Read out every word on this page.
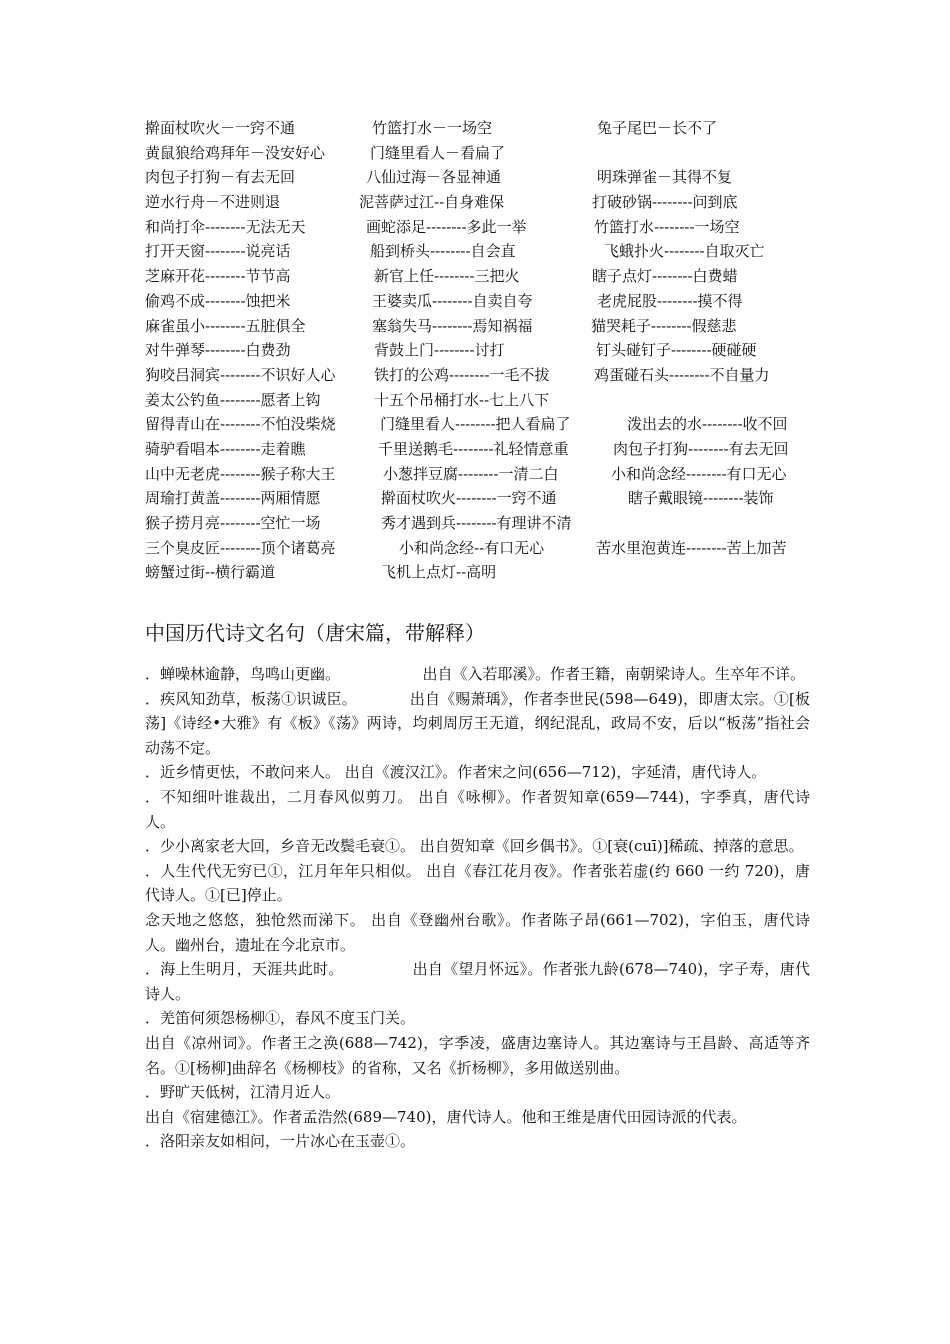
擀面杖吹火－一窍不通	竹篮打水－一场空	兔子尾巴－长不了
黄鼠狼给鸡拜年－没安好心	门缝里看人－看扁了
肉包子打狗－有去无回	八仙过海－各显神通	明珠弹雀－其得不复
逆水行舟－不进则退	泥菩萨过江--自身难保	打破砂锅--------问到底
和尚打伞--------无法无天	画蛇添足--------多此一举	竹篮打水--------一场空
打开天窗--------说亮话	船到桥头--------自会直	飞蛾扑火--------自取灭亡
芝麻开花--------节节高	新官上任--------三把火	瞎子点灯--------白费蜡
偷鸡不成--------蚀把米	王婆卖瓜--------自卖自夸	老虎屁股--------摸不得
麻雀虽小--------五脏俱全	塞翁失马--------焉知祸福	猫哭耗子--------假慈悲
对牛弹琴--------白费劲	背鼓上门--------讨打	钉头碰钉子--------硬碰硬
狗咬吕洞宾--------不识好人心	铁打的公鸡--------一毛不拔	鸡蛋碰石头--------不自量力
姜太公钓鱼--------愿者上钩	十五个吊桶打水--七上八下
留得青山在--------不怕没柴烧	门缝里看人--------把人看扁了	泼出去的水--------收不回
骑驴看唱本--------走着瞧	千里送鹅毛--------礼轻情意重	肉包子打狗--------有去无回
山中无老虎--------猴子称大王	小葱拌豆腐--------一清二白	小和尚念经--------有口无心
周瑜打黄盖--------两厢情愿	擀面杖吹火--------一窍不通	瞎子戴眼镜--------装饰
猴子捞月亮--------空忙一场	秀才遇到兵--------有理讲不清
三个臭皮匠--------顶个诸葛亮	小和尚念经--有口无心	苦水里泡黄连--------苦上加苦
螃蟹过街--横行霸道	飞机上点灯--高明
中国历代诗文名句（唐宋篇，带解释）

．蝉噪林逾静，鸟鸣山更幽。　　　　　　出自《入若耶溪》。作者王籍，南朝梁诗人。生卒年不详。

．疾风知劲草，板荡①识诚臣。　　　　出自《赐萧瑀》，作者李世民(598—649)，即唐太宗。①[板荡]《诗经•大雅》有《板》《荡》两诗，均刺周厉王无道，纲纪混乱，政局不安，后以“板荡”指社会动荡不定。

．近乡情更怯，不敢问来人。 出自《渡汉江》。作者宋之问(656—712)，字延清，唐代诗人。

．不知细叶谁裁出，二月春风似剪刀。 出自《咏柳》。作者贺知章(659—744)，字季真，唐代诗人。

．少小离家老大回，乡音无改鬓毛衰①。 出自贺知章《回乡偶书》。①[衰(cuī)]稀疏、掉落的意思。

．人生代代无穷已①，江月年年只相似。 出自《春江花月夜》。作者张若虚(约 660 一约 720)，唐代诗人。①[已]停止。

念天地之悠悠，独怆然而涕下。 出自《登幽州台歌》。作者陈子昂(661—702)，字伯玉，唐代诗人。幽州台，遗址在今北京市。

．海上生明月，天涯共此时。　　　　　出自《望月怀远》。作者张九龄(678—740)，字子寿，唐代诗人。

．羌笛何须怨杨柳①，春风不度玉门关。

出自《凉州词》。作者王之涣(688—742)，字季凌，盛唐边塞诗人。其边塞诗与王昌龄、高适等齐名。①[杨柳]曲辞名《杨柳枝》的省称，又名《折杨柳》，多用做送别曲。

．野旷天低树，江清月近人。

出自《宿建德江》。作者孟浩然(689—740)，唐代诗人。他和王维是唐代田园诗派的代表。

．洛阳亲友如相问，一片冰心在玉壶①。
